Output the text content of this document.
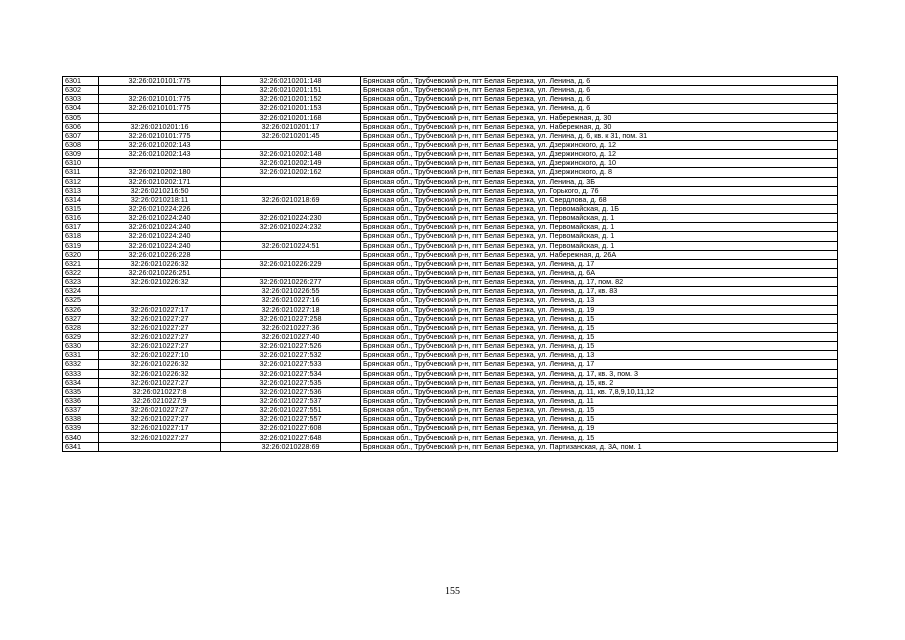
6301	32:26:0210101:775	32:26:0210201:148	Брянская обл., Трубчевский р-н, пгт Белая Березка, ул. Ленина, д. 6
6302		32:26:0210201:151	Брянская обл., Трубчевский р-н, пгт Белая Березка, ул. Ленина, д. 6
6303	32:26:0210101:775	32:26:0210201:152	Брянская обл., Трубчевский р-н, пгт Белая Березка, ул. Ленина, д. 6
6304	32:26:0210101:775	32:26:0210201:153	Брянская обл., Трубчевский р-н, пгт Белая Березка, ул. Ленина, д. 6
6305		32:26:0210201:168	Брянская обл., Трубчевский р-н, пгт Белая Березка, ул. Набережная, д. 30
6306	32:26:0210201:16	32:26:0210201:17	Брянская обл., Трубчевский р-н, пгт Белая Березка, ул. Набережная, д. 30
6307	32:26:0210101:775	32:26:0210201:45	Брянская обл., Трубчевский р-н, пгт Белая Березка, ул. Ленина, д. 6, кв. к 31, пом. 31
6308	32:26:0210202:143		Брянская обл., Трубчевский р-н, пгт Белая Березка, ул. Дзержинского, д. 12
6309	32:26:0210202:143	32:26:0210202:148	Брянская обл., Трубчевский р-н, пгт Белая Березка, ул. Дзержинского, д. 12
6310		32:26:0210202:149	Брянская обл., Трубчевский р-н, пгт Белая Березка, ул. Дзержинского, д. 10
6311	32:26:0210202:180	32:26:0210202:162	Брянская обл., Трубчевский р-н, пгт Белая Березка, ул. Дзержинского, д. 8
6312	32:26:0210202:171		Брянская обл., Трубчевский р-н, пгт Белая Березка, ул. Ленина, д. 3Б
6313	32:26:0210216:50		Брянская обл., Трубчевский р-н, пгт Белая Березка, ул. Горького, д. 76
6314	32:26:0210218:11	32:26:0210218:69	Брянская обл., Трубчевский р-н, пгт Белая Березка, ул. Свердлова, д. 68
6315	32:26:0210224:226		Брянская обл., Трубчевский р-н, пгт Белая Березка, ул. Первомайская, д. 1Б
6316	32:26:0210224:240	32:26:0210224:230	Брянская обл., Трубчевский р-н, пгт Белая Березка, ул. Первомайская, д. 1
6317	32:26:0210224:240	32:26:0210224:232	Брянская обл., Трубчевский р-н, пгт Белая Березка, ул. Первомайская, д. 1
6318	32:26:0210224:240		Брянская обл., Трубчевский р-н, пгт Белая Березка, ул. Первомайская, д. 1
6319	32:26:0210224:240	32:26:0210224:51	Брянская обл., Трубчевский р-н, пгт Белая Березка, ул. Первомайская, д. 1
6320	32:26:0210226:228		Брянская обл., Трубчевский р-н, пгт Белая Березка, ул. Набережная, д. 26А
6321	32:26:0210226:32	32:26:0210226:229	Брянская обл., Трубчевский р-н, пгт Белая Березка, ул. Ленина, д. 17
6322	32:26:0210226:251		Брянская обл., Трубчевский р-н, пгт Белая Березка, ул. Ленина, д. 6А
6323	32:26:0210226:32	32:26:0210226:277	Брянская обл., Трубчевский р-н, пгт Белая Березка, ул. Ленина, д. 17, пом. 82
6324		32:26:0210226:55	Брянская обл., Трубчевский р-н, пгт Белая Березка, ул. Ленина, д. 17, кв. 83
6325		32:26:0210227:16	Брянская обл., Трубчевский р-н, пгт Белая Березка, ул. Ленина, д. 13
6326	32:26:0210227:17	32:26:0210227:18	Брянская обл., Трубчевский р-н, пгт Белая Березка, ул. Ленина, д. 19
6327	32:26:0210227:27	32:26:0210227:258	Брянская обл., Трубчевский р-н, пгт Белая Березка, ул. Ленина, д. 15
6328	32:26:0210227:27	32:26:0210227:36	Брянская обл., Трубчевский р-н, пгт Белая Березка, ул. Ленина, д. 15
6329	32:26:0210227:27	32:26:0210227:40	Брянская обл., Трубчевский р-н, пгт Белая Березка, ул. Ленина, д. 15
6330	32:26:0210227:27	32:26:0210227:526	Брянская обл., Трубчевский р-н, пгт Белая Березка, ул. Ленина, д. 15
6331	32:26:0210227:10	32:26:0210227:532	Брянская обл., Трубчевский р-н, пгт Белая Березка, ул. Ленина, д. 13
6332	32:26:0210226:32	32:26:0210227:533	Брянская обл., Трубчевский р-н, пгт Белая Березка, ул. Ленина, д. 17
6333	32:26:0210226:32	32:26:0210227:534	Брянская обл., Трубчевский р-н, пгт Белая Березка, ул. Ленина, д. 17, кв. 3, пом. 3
6334	32:26:0210227:27	32:26:0210227:535	Брянская обл., Трубчевский р-н, пгт Белая Березка, ул. Ленина, д. 15, кв. 2
6335	32:26:0210227:8	32:26:0210227:536	Брянская обл., Трубчевский р-н, пгт Белая Березка, ул. Ленина, д. 11, кв. 7,8,9,10,11,12
6336	32:26:0210227:9	32:26:0210227:537	Брянская обл., Трубчевский р-н, пгт Белая Березка, ул. Ленина, д. 11
6337	32:26:0210227:27	32:26:0210227:551	Брянская обл., Трубчевский р-н, пгт Белая Березка, ул. Ленина, д. 15
6338	32:26:0210227:27	32:26:0210227:557	Брянская обл., Трубчевский р-н, пгт Белая Березка, ул. Ленина, д. 15
6339	32:26:0210227:17	32:26:0210227:608	Брянская обл., Трубчевский р-н, пгт Белая Березка, ул. Ленина, д. 19
6340	32:26:0210227:27	32:26:0210227:648	Брянская обл., Трубчевский р-н, пгт Белая Березка, ул. Ленина, д. 15
6341		32:26:0210228:69	Брянская обл., Трубчевский р-н, пгт Белая Березка, ул. Партизанская, д. 3А, пом. 1
155
